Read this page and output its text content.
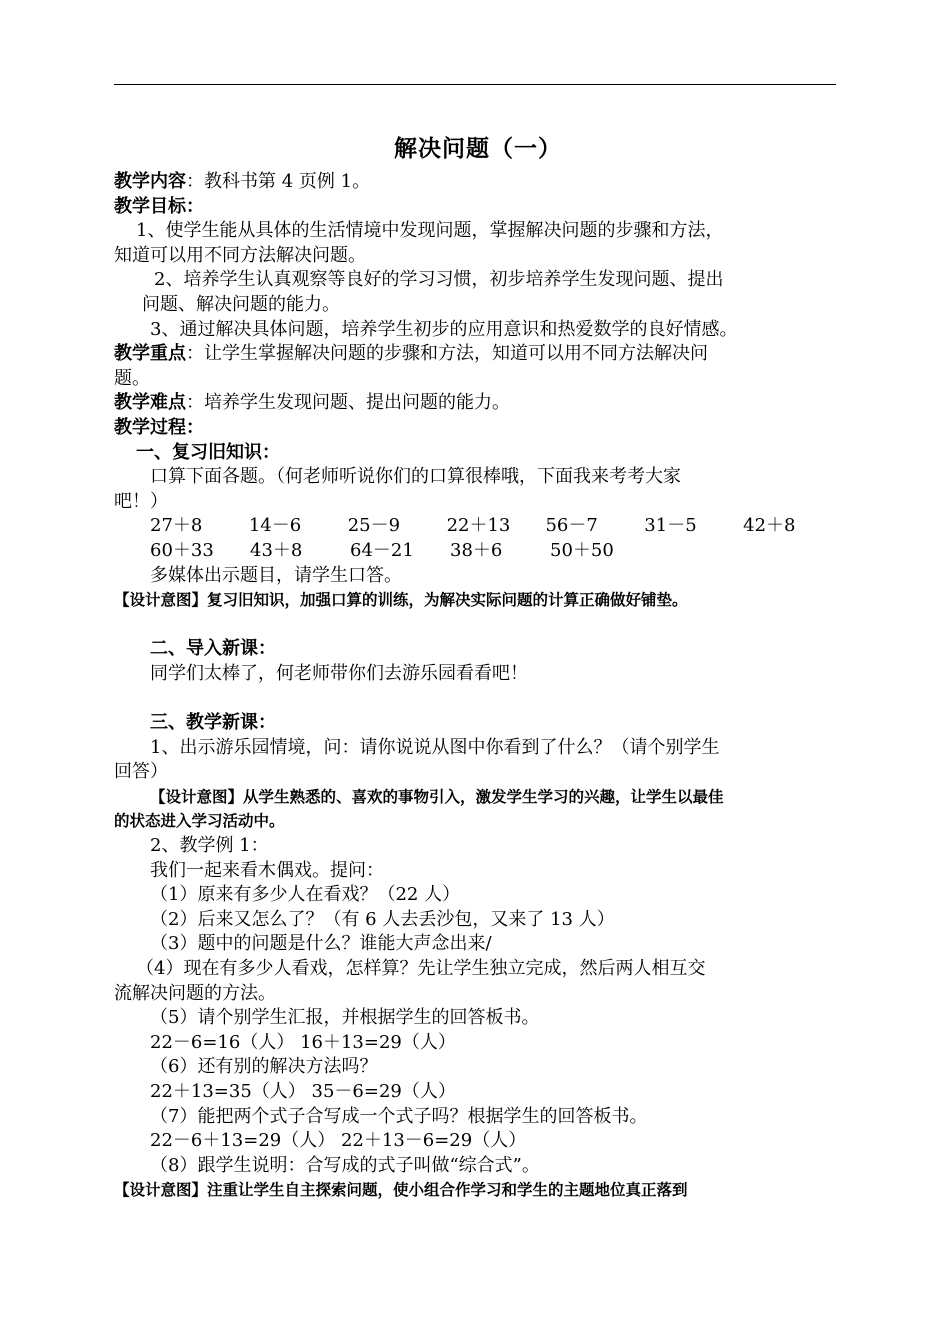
解决问题（一）
教学内容：教科书第 4 页例 1。
教学目标：
1、使学生能从具体的生活情境中发现问题，掌握解决问题的步骤和方法，
知道可以用不同方法解决问题。
2、培养学生认真观察等良好的学习习惯，初步培养学生发现问题、提出
问题、解决问题的能力。
3、通过解决具体问题，培养学生初步的应用意识和热爱数学的良好情感。
教学重点：让学生掌握解决问题的步骤和方法，知道可以用不同方法解决问
题。
教学难点：培养学生发现问题、提出问题的能力。
教学过程：
一、复习旧知识：
口算下面各题。（何老师听说你们的口算很棒哦，下面我来考考大家
吧！）
27＋8	14－6	25－9	22＋13	56－7	31－5	42＋8
60＋33	43＋8	64－21	38＋6	50＋50
多媒体出示题目，请学生口答。
【设计意图】复习旧知识，加强口算的训练，为解决实际问题的计算正确做好铺垫。
二、导入新课：
同学们太棒了，何老师带你们去游乐园看看吧！
三、教学新课：
1、出示游乐园情境，问：请你说说从图中你看到了什么？（请个别学生
回答）
【设计意图】从学生熟悉的、喜欢的事物引入，激发学生学习的兴趣，让学生以最佳
的状态进入学习活动中。
2、教学例 1：
我们一起来看木偶戏。提问：
（1）原来有多少人在看戏？（22 人）
（2）后来又怎么了？（有 6 人去丢沙包，又来了 13 人）
（3）题中的问题是什么？谁能大声念出来/
（4）现在有多少人看戏，怎样算？先让学生独立完成，然后两人相互交
流解决问题的方法。
（5）请个别学生汇报，并根据学生的回答板书。
22－6=16（人） 16＋13=29（人）
（6）还有别的解决方法吗？
22＋13=35（人） 35－6=29（人）
（7）能把两个式子合写成一个式子吗？根据学生的回答板书。
22－6＋13=29（人） 22＋13－6=29（人）
（8）跟学生说明：合写成的式子叫做“综合式”。
【设计意图】注重让学生自主探索问题，使小组合作学习和学生的主题地位真正落到
